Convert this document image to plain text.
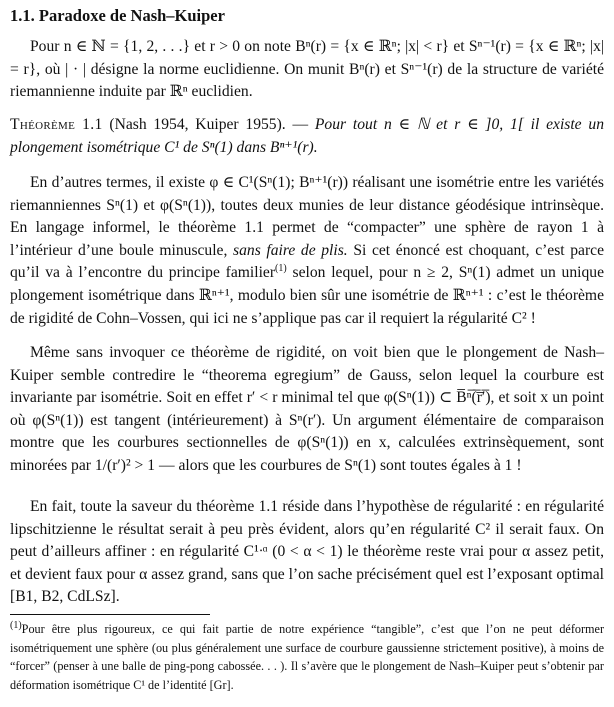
1.1. Paradoxe de Nash–Kuiper

Pour n ∈ ℕ = {1, 2, . . .} et r > 0 on note Bⁿ(r) = {x ∈ ℝⁿ; |x| < r} et Sⁿ⁻¹(r) = {x ∈ ℝⁿ; |x| = r}, où | · | désigne la norme euclidienne. On munit Bⁿ(r) et Sⁿ⁻¹(r) de la structure de variété riemannienne induite par ℝⁿ euclidien.

Théorème 1.1 (Nash 1954, Kuiper 1955). — Pour tout n ∈ ℕ et r ∈ ]0, 1[ il existe un plongement isométrique C¹ de Sⁿ(1) dans Bⁿ⁺¹(r).

En d’autres termes, il existe φ ∈ C¹(Sⁿ(1); Bⁿ⁺¹(r)) réalisant une isométrie entre les variétés riemanniennes Sⁿ(1) et φ(Sⁿ(1)), toutes deux munies de leur distance géodésique intrinsèque. En langage informel, le théorème 1.1 permet de “compacter” une sphère de rayon 1 à l’intérieur d’une boule minuscule, sans faire de plis. Si cet énoncé est choquant, c’est parce qu’il va à l’encontre du principe familier$^{(1)}$ selon lequel, pour n ≥ 2, Sⁿ(1) admet un unique plongement isométrique dans ℝⁿ⁺¹, modulo bien sûr une isométrie de ℝⁿ⁺¹ : c’est le théorème de rigidité de Cohn–Vossen, qui ici ne s’applique pas car il requiert la régularité C² !

Même sans invoquer ce théorème de rigidité, on voit bien que le plongement de Nash–Kuiper semble contredire le “theorema egregium” de Gauss, selon lequel la courbure est invariante par isométrie. Soit en effet r′ < r minimal tel que φ(Sⁿ(1)) ⊂ B̅ⁿ̅(̅r̅′̅), et soit x un point où φ(Sⁿ(1)) est tangent (intérieurement) à Sⁿ(r′). Un argument élémentaire de comparaison montre que les courbures sectionnelles de φ(Sⁿ(1)) en x, calculées extrinsèquement, sont minorées par 1/(r′)² > 1 — alors que les courbures de Sⁿ(1) sont toutes égales à 1 !

En fait, toute la saveur du théorème 1.1 réside dans l’hypothèse de régularité : en régularité lipschitzienne le résultat serait à peu près évident, alors qu’en régularité C² il serait faux. On peut d’ailleurs affiner : en régularité C¹ᐧᵅ (0 < α < 1) le théorème reste vrai pour α assez petit, et devient faux pour α assez grand, sans que l’on sache précisément quel est l’exposant optimal [B1, B2, CdLSz].

$^{(1)}$Pour être plus rigoureux, ce qui fait partie de notre expérience “tangible”, c’est que l’on ne peut déformer isométriquement une sphère (ou plus généralement une surface de courbure gaussienne strictement positive), à moins de “forcer” (penser à une balle de ping-pong cabossée. . . ). Il s’avère que le plongement de Nash–Kuiper peut s’obtenir par déformation isométrique C¹ de l’identité [Gr].
